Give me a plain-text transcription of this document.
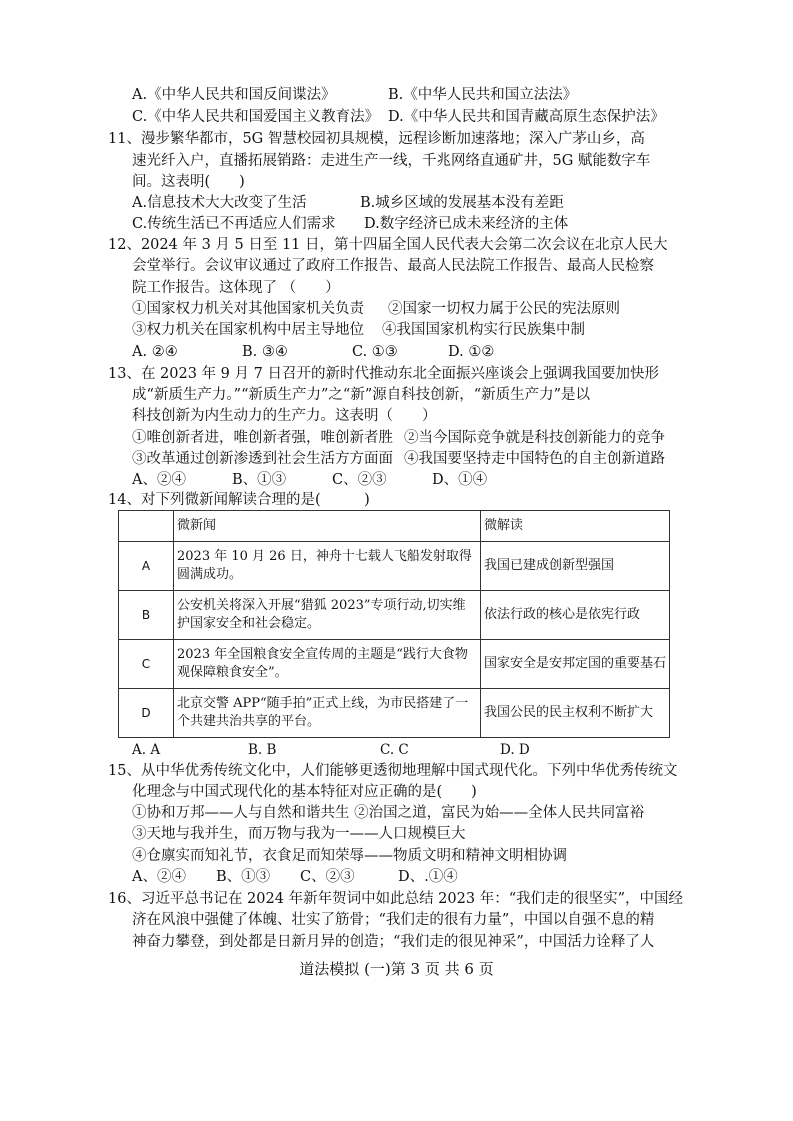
A.《中华人民共和国反间谍法》	B.《中华人民共和国立法法》
C.《中华人民共和国爱国主义教育法》 D.《中华人民共和国青藏高原生态保护法》
11、漫步繁华都市，5G 智慧校园初具规模，远程诊断加速落地；深入广茅山乡，高
速光纤入户，直播拓展销路：走进生产一线，千兆网络直通矿井，5G 赋能数字车
间。这表明(　　)
A.信息技术大大改变了生活	B.城乡区域的发展基本没有差距
C.传统生活已不再适应人们需求	D.数字经济已成未来经济的主体
12、2024 年 3 月 5 日至 11 日，第十四届全国人民代表大会第二次会议在北京人民大
会堂举行。会议审议通过了政府工作报告、最高人民法院工作报告、最高人民检察
院工作报告。这体现了 （　　）
①国家权力机关对其他国家机关负责	②国家一切权力属于公民的宪法原则
③权力机关在国家机构中居主导地位	④我国国家机构实行民族集中制
A. ②④	B. ③④	C. ①③	D. ①②
13、在 2023 年 9 月 7 日召开的新时代推动东北全面振兴座谈会上强调我国要加快形
成“新质生产力。”“新质生产力”之“新”源自科技创新，“新质生产力”是以
科技创新为内生动力的生产力。这表明（　　）
①唯创新者进，唯创新者强，唯创新者胜 ②当今国际竞争就是科技创新能力的竞争
③改革通过创新渗透到社会生活方方面面 ④我国要坚持走中国特色的自主创新道路
A、②④	B、①③	C、②③	D、①④
14、对下列微新闻解读合理的是(　　　)
	微新闻	微解读
A	2023 年 10 月 26 日，神舟十七载人飞船发射取得圆满成功。	我国已建成创新型强国
B	公安机关将深入开展“猎狐 2023”专项行动,切实维护国家安全和社会稳定。	依法行政的核心是依宪行政
C	2023 年全国粮食安全宣传周的主题是“践行大食物观保障粮食安全”。	国家安全是安邦定国的重要基石
D	北京交警 APP“随手拍”正式上线，为市民搭建了一个共建共治共享的平台。	我国公民的民主权利不断扩大
A. A	B. B	C. C	D. D
15、从中华优秀传统文化中，人们能够更透彻地理解中国式现代化。下列中华优秀传统文
化理念与中国式现代化的基本特征对应正确的是(　　)
①协和万邦——人与自然和谐共生 ②治国之道，富民为始——全体人民共同富裕
③天地与我并生，而万物与我为一——人口规模巨大
④仓廪实而知礼节，衣食足而知荣辱——物质文明和精神文明相协调
A、②④	B、①③	C、②③	D、.①④
16、习近平总书记在 2024 年新年贺词中如此总结 2023 年：“我们走的很坚实”，中国经
济在风浪中强健了体魄、壮实了筋骨；“我们走的很有力量”，中国以自强不息的精
神奋力攀登，到处都是日新月异的创造；“我们走的很见神采”，中国活力诠释了人
道法模拟 (一)第 3 页 共 6 页
